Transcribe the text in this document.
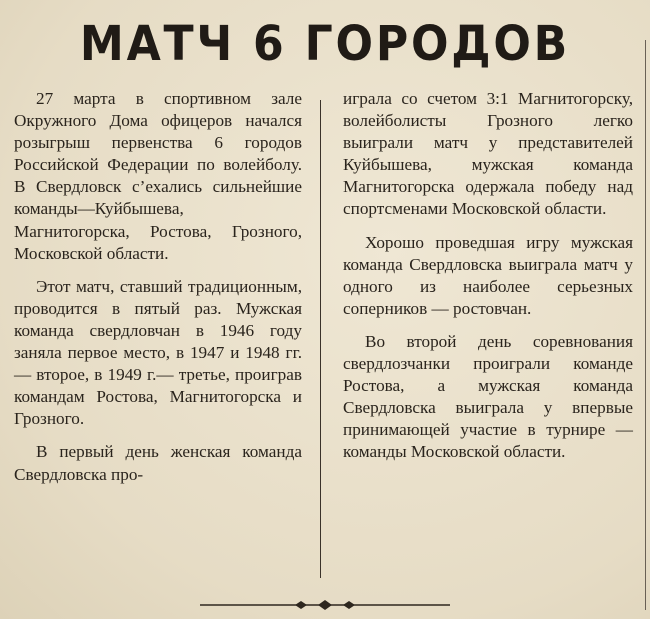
МАТЧ 6 ГОРОДОВ

27 марта в спортивном зале Окружного Дома офицеров начался розыгрыш первенства 6 городов Российской Федерации по волейболу. В Свердловск с’ехались сильнейшие команды—Куйбышева, Магнитогорска, Ростова, Грозного, Московской области.

Этот матч, ставший традиционным, проводится в пятый раз. Мужская команда свердловчан в 1946 году заняла первое место, в 1947 и 1948 гг. — второе, в 1949 г.— третье, проиграв командам Ростова, Магнитогорска и Грозного.

В первый день женская команда Свердловска про-

играла со счетом 3:1 Магнитогорску, волейболисты Грозного легко выиграли матч у представителей Куйбышева, мужская команда Магнитогорска одержала победу над спортсменами Московской области.

Хорошо проведшая игру мужская команда Свердловска выиграла матч у одного из наиболее серьезных соперников — ростовчан.

Во второй день соревнования свердлозчанки проиграли команде Ростова, а мужская команда Свердловска выиграла у впервые принимающей участие в турнире — команды Московской области.
